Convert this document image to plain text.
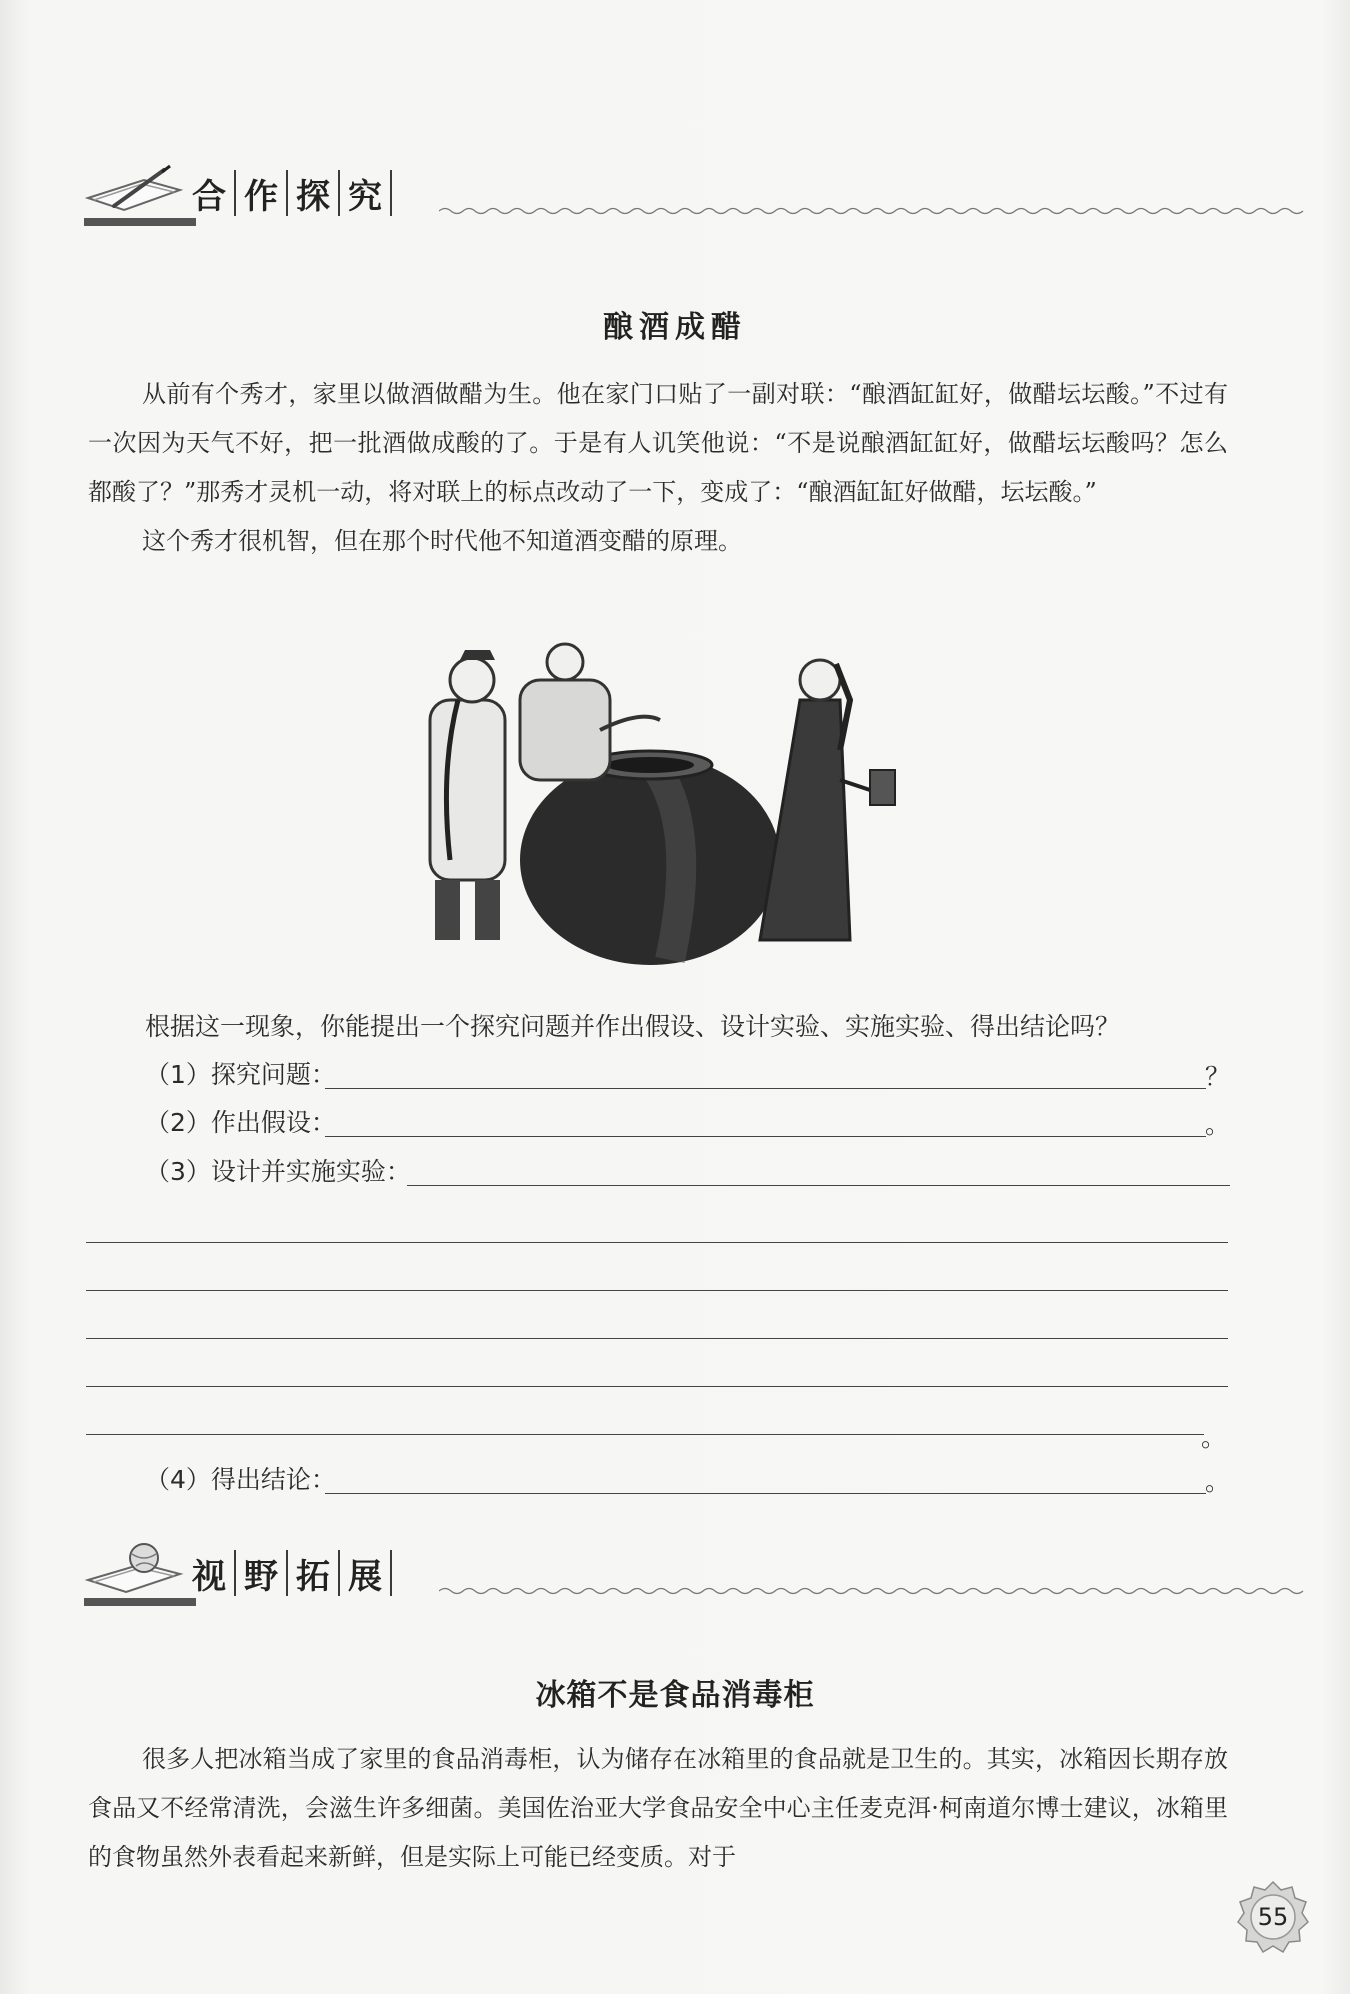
合 作 探 究
酿酒成醋

从前有个秀才，家里以做酒做醋为生。他在家门口贴了一副对联：“酿酒缸缸好，做醋坛坛酸。”不过有一次因为天气不好，把一批酒做成酸的了。于是有人讥笑他说：“不是说酿酒缸缸好，做醋坛坛酸吗？怎么都酸了？”那秀才灵机一动，将对联上的标点改动了一下，变成了：“酿酒缸缸好做醋，坛坛酸。”

这个秀才很机智，但在那个时代他不知道酒变醋的原理。

根据这一现象，你能提出一个探究问题并作出假设、设计实验、实施实验、得出结论吗？
（1）探究问题：	？
（2）作出假设：	。
（3）设计并实施实验：
。
（4）得出结论：	。
视 野 拓 展
冰箱不是食品消毒柜

很多人把冰箱当成了家里的食品消毒柜，认为储存在冰箱里的食品就是卫生的。其实，冰箱因长期存放食品又不经常清洗，会滋生许多细菌。美国佐治亚大学食品安全中心主任麦克洱·柯南道尔博士建议，冰箱里的食物虽然外表看起来新鲜，但是实际上可能已经变质。对于

55
